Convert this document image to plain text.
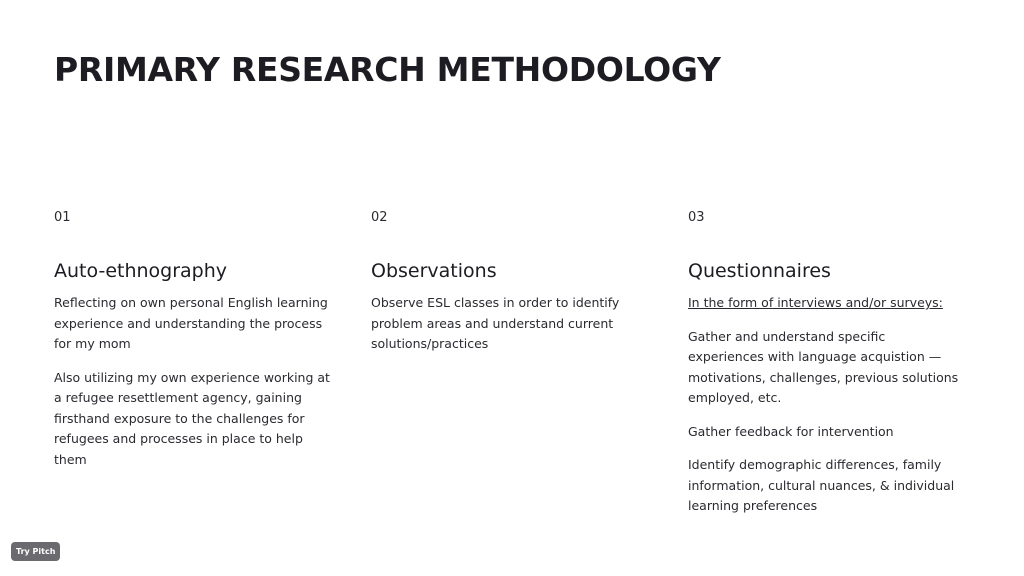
PRIMARY RESEARCH METHODOLOGY
01
Auto-ethnography
Reflecting on own personal English learning experience and understanding the process for my mom
Also utilizing my own experience working at a refugee resettlement agency, gaining firsthand exposure to the challenges for refugees and processes in place to help them
02
Observations
Observe ESL classes in order to identify problem areas and understand current solutions/practices
03
Questionnaires
In the form of interviews and/or surveys:
Gather and understand specific experiences with language acquistion — motivations, challenges, previous solutions employed, etc.
Gather feedback for intervention
Identify demographic differences, family information, cultural nuances, & individual learning preferences
Try Pitch
